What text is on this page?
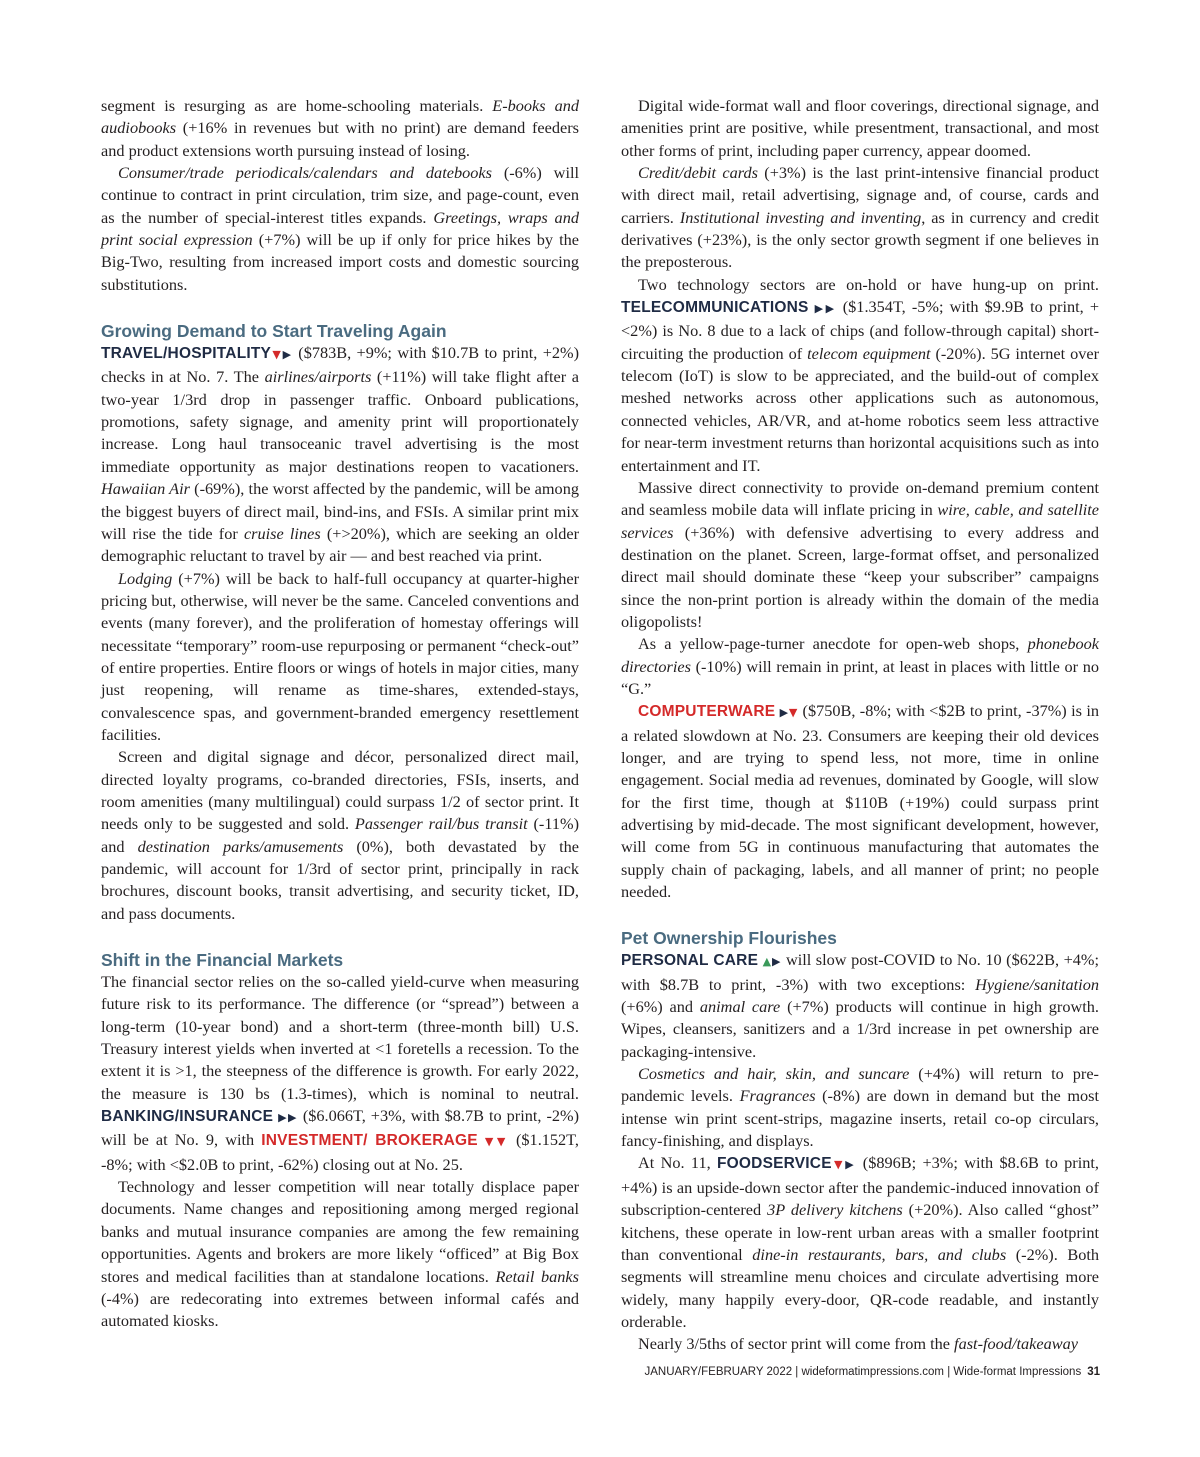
segment is resurging as are home-schooling materials. E-books and audiobooks (+16% in revenues but with no print) are demand feeders and product extensions worth pursuing instead of losing.

Consumer/trade periodicals/calendars and datebooks (-6%) will continue to contract in print circulation, trim size, and page-count, even as the number of special-interest titles expands. Greetings, wraps and print social expression (+7%) will be up if only for price hikes by the Big-Two, resulting from increased import costs and domestic sourcing substitutions.

Growing Demand to Start Traveling Again

TRAVEL/HOSPITALITY▼▶ ($783B, +9%; with $10.7B to print, +2%) checks in at No. 7. The airlines/airports (+11%) will take flight after a two-year 1/3rd drop in passenger traffic. Onboard publications, promotions, safety signage, and amenity print will proportionately increase. Long haul transoceanic travel advertising is the most immediate opportunity as major destinations reopen to vacationers. Hawaiian Air (-69%), the worst affected by the pandemic, will be among the biggest buyers of direct mail, bind-ins, and FSIs. A similar print mix will rise the tide for cruise lines (+>20%), which are seeking an older demographic reluctant to travel by air — and best reached via print.

Lodging (+7%) will be back to half-full occupancy at quarter-higher pricing but, otherwise, will never be the same. Canceled conventions and events (many forever), and the proliferation of homestay offerings will necessitate “temporary” room-use repurposing or permanent “check-out” of entire properties. Entire floors or wings of hotels in major cities, many just reopening, will rename as time-shares, extended-stays, convalescence spas, and government-branded emergency resettlement facilities.

Screen and digital signage and décor, personalized direct mail, directed loyalty programs, co-branded directories, FSIs, inserts, and room amenities (many multilingual) could surpass 1/2 of sector print. It needs only to be suggested and sold. Passenger rail/bus transit (-11%) and destination parks/amusements (0%), both devastated by the pandemic, will account for 1/3rd of sector print, principally in rack brochures, discount books, transit advertising, and security ticket, ID, and pass documents.

Shift in the Financial Markets

The financial sector relies on the so-called yield-curve when measuring future risk to its performance. The difference (or “spread”) between a long-term (10-year bond) and a short-term (three-month bill) U.S. Treasury interest yields when inverted at <1 foretells a recession. To the extent it is >1, the steepness of the difference is growth. For early 2022, the measure is 130 bs (1.3-times), which is nominal to neutral. BANKING/INSURANCE ▶▶ ($6.066T, +3%, with $8.7B to print, -2%) will be at No. 9, with INVESTMENT/ BROKERAGE ▼▼ ($1.152T, -8%; with <$2.0B to print, -62%) closing out at No. 25.

Technology and lesser competition will near totally displace paper documents. Name changes and repositioning among merged regional banks and mutual insurance companies are among the few remaining opportunities. Agents and brokers are more likely “officed” at Big Box stores and medical facilities than at standalone locations. Retail banks (-4%) are redecorating into extremes between informal cafés and automated kiosks.

Digital wide-format wall and floor coverings, directional signage, and amenities print are positive, while presentment, transactional, and most other forms of print, including paper currency, appear doomed.

Credit/debit cards (+3%) is the last print-intensive financial product with direct mail, retail advertising, signage and, of course, cards and carriers. Institutional investing and inventing, as in currency and credit derivatives (+23%), is the only sector growth segment if one believes in the preposterous.

Two technology sectors are on-hold or have hung-up on print. TELECOMMUNICATIONS ▶▶ ($1.354T, -5%; with $9.9B to print, +<2%) is No. 8 due to a lack of chips (and follow-through capital) short-circuiting the production of telecom equipment (-20%). 5G internet over telecom (IoT) is slow to be appreciated, and the build-out of complex meshed networks across other applications such as autonomous, connected vehicles, AR/VR, and at-home robotics seem less attractive for near-term investment returns than horizontal acquisitions such as into entertainment and IT.

Massive direct connectivity to provide on-demand premium content and seamless mobile data will inflate pricing in wire, cable, and satellite services (+36%) with defensive advertising to every address and destination on the planet. Screen, large-format offset, and personalized direct mail should dominate these “keep your subscriber” campaigns since the non-print portion is already within the domain of the media oligopolists!

As a yellow-page-turner anecdote for open-web shops, phonebook directories (-10%) will remain in print, at least in places with little or no “G.”

COMPUTERWARE ▶▼ ($750B, -8%; with <$2B to print, -37%) is in a related slowdown at No. 23. Consumers are keeping their old devices longer, and are trying to spend less, not more, time in online engagement. Social media ad revenues, dominated by Google, will slow for the first time, though at $110B (+19%) could surpass print advertising by mid-decade. The most significant development, however, will come from 5G in continuous manufacturing that automates the supply chain of packaging, labels, and all manner of print; no people needed.

Pet Ownership Flourishes

PERSONAL CARE ▲▶ will slow post-COVID to No. 10 ($622B, +4%; with $8.7B to print, -3%) with two exceptions: Hygiene/sanitation (+6%) and animal care (+7%) products will continue in high growth. Wipes, cleansers, sanitizers and a 1/3rd increase in pet ownership are packaging-intensive.

Cosmetics and hair, skin, and suncare (+4%) will return to pre-pandemic levels. Fragrances (-8%) are down in demand but the most intense win print scent-strips, magazine inserts, retail co-op circulars, fancy-finishing, and displays.

At No. 11, FOODSERVICE▼▶ ($896B; +3%; with $8.6B to print, +4%) is an upside-down sector after the pandemic-induced innovation of subscription-centered 3P delivery kitchens (+20%). Also called “ghost” kitchens, these operate in low-rent urban areas with a smaller footprint than conventional dine-in restaurants, bars, and clubs (-2%). Both segments will streamline menu choices and circulate advertising more widely, many happily every-door, QR-code readable, and instantly orderable.

Nearly 3/5ths of sector print will come from the fast-food/takeaway

JANUARY/FEBRUARY 2022 | wideformatimpressions.com | Wide-format Impressions 31
